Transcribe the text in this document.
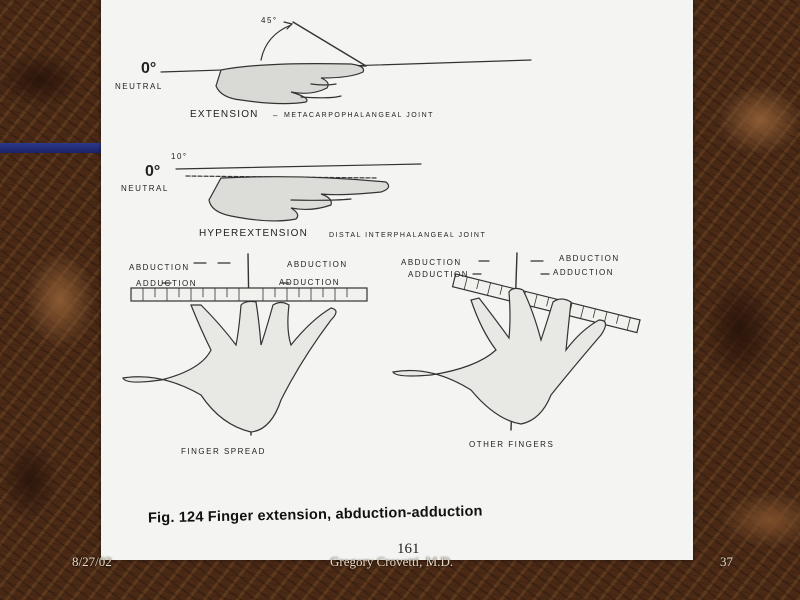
45°
0°
NEUTRAL
EXTENSION	METACARPOPHALANGEAL JOINT
–
10°
0°
NEUTRAL
HYPEREXTENSION	DISTAL INTERPHALANGEAL JOINT
ABDUCTION	ABDUCTION
ADDUCTION	ADDUCTION
FINGER SPREAD
ABDUCTION	ABDUCTION
ADDUCTION	ADDUCTION
OTHER FINGERS
Fig. 124 Finger extension, abduction-adduction
161
8/27/02	Gregory Crovetti, M.D.	37
